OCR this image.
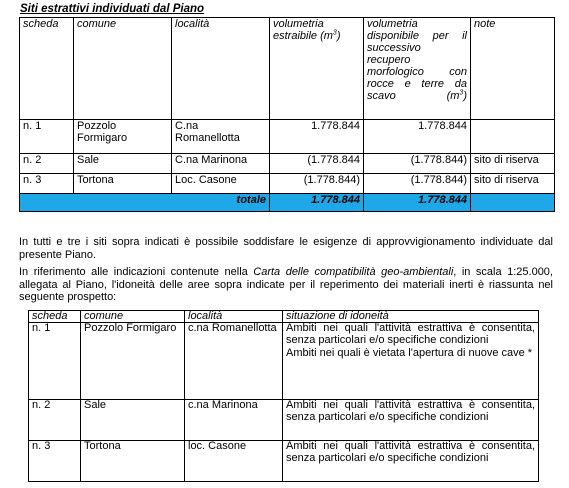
Siti estrattivi individuati dal Piano
scheda	comune	località	volumetria estraibile $(m^3)$	volumetria disponibile per il successivo recupero morfologico con rocce e terre da scavo $(m^3)$	note
n. 1	Pozzolo Formigaro	C.na Romanellotta	1.778.844	1.778.844	
n. 2	Sale	C.na Marinona	(1.778.844	(1.778.844)	sito di riserva
n. 3	Tortona	Loc. Casone	(1.778.844)	(1.778.844)	sito di riserva
totale			1.778.844	1.778.844	
In tutti e tre i siti sopra indicati è possibile soddisfare le esigenze di approvvigionamento individuate dal presente Piano.
In riferimento alle indicazioni contenute nella Carta delle compatibilità geo-ambientali, in scala 1:25.000, allegata al Piano, l'idoneità delle aree sopra indicate per il reperimento dei materiali inerti è riassunta nel seguente prospetto:
scheda	comune	località	situazione di idoneità
n. 1	Pozzolo Formigaro	c.na Romanellotta	Ambiti nei quali l'attività estrattiva è consentita, senza particolari e/o specifiche condizioni
Ambiti nei quali è vietata l'apertura di nuove cave *
n. 2	Sale	c.na Marinona	Ambiti nei quali l'attività estrattiva è consentita, senza particolari e/o specifiche condizioni
n. 3	Tortona	loc. Casone	Ambiti nei quali l'attività estrattiva è consentita, senza particolari e/o specifiche condizioni
